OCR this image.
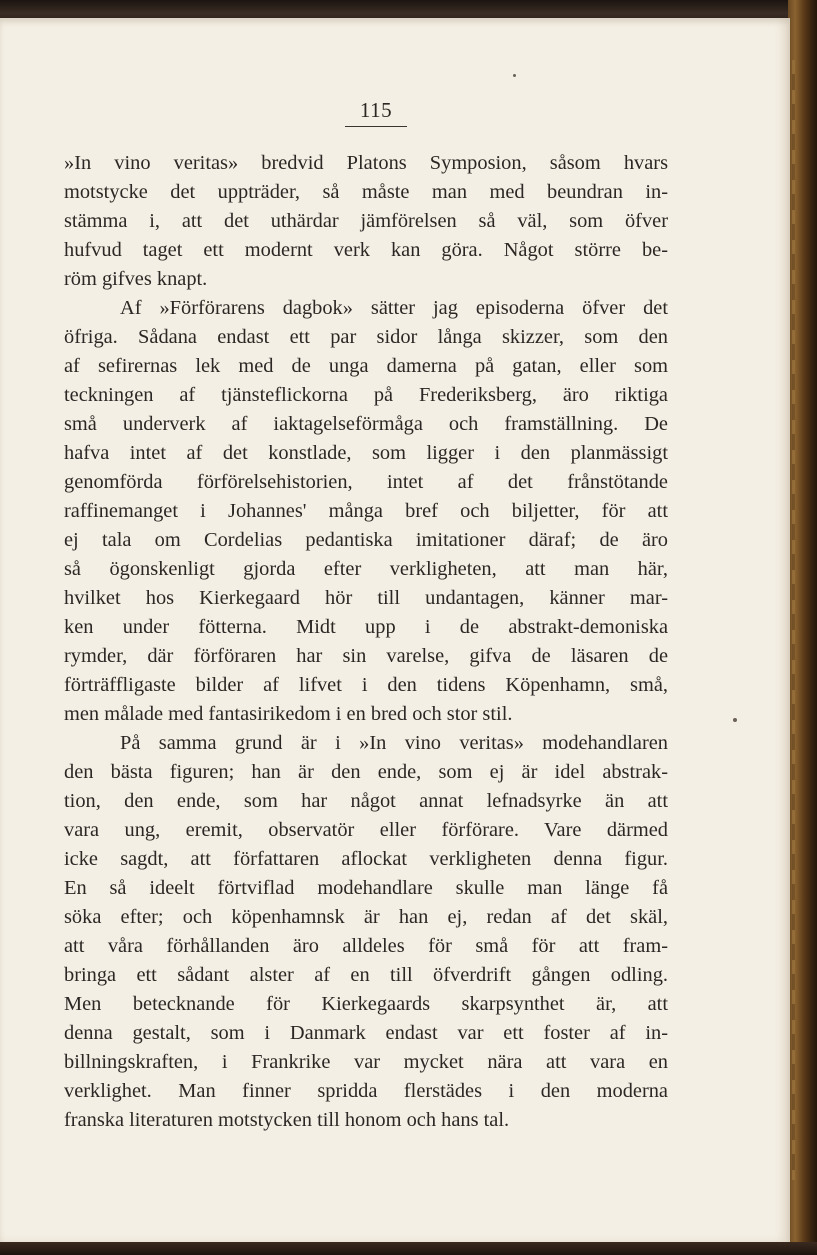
115
»In vino veritas» bredvid Platons Symposion, såsom hvars
motstycke det uppträder, så måste man med beundran in-
stämma i, att det uthärdar jämförelsen så väl, som öfver
hufvud taget ett modernt verk kan göra. Något större be-
röm gifves knapt.
Af »Förförarens dagbok» sätter jag episoderna öfver det
öfriga. Sådana endast ett par sidor långa skizzer, som den
af sefirernas lek med de unga damerna på gatan, eller som
teckningen af tjänsteflickorna på Frederiksberg, äro riktiga
små underverk af iaktagelseförmåga och framställning. De
hafva intet af det konstlade, som ligger i den planmässigt
genomförda förförelsehistorien, intet af det frånstötande
raffinemanget i Johannes' många bref och biljetter, för att
ej tala om Cordelias pedantiska imitationer däraf; de äro
så ögonskenligt gjorda efter verkligheten, att man här,
hvilket hos Kierkegaard hör till undantagen, känner mar-
ken under fötterna. Midt upp i de abstrakt-demoniska
rymder, där förföraren har sin varelse, gifva de läsaren de
förträffligaste bilder af lifvet i den tidens Köpenhamn, små,
men målade med fantasirikedom i en bred och stor stil.
På samma grund är i »In vino veritas» modehandlaren
den bästa figuren; han är den ende, som ej är idel abstrak-
tion, den ende, som har något annat lefnadsyrke än att
vara ung, eremit, observatör eller förförare. Vare därmed
icke sagdt, att författaren aflockat verkligheten denna figur.
En så ideelt förtviflad modehandlare skulle man länge få
söka efter; och köpenhamnsk är han ej, redan af det skäl,
att våra förhållanden äro alldeles för små för att fram-
bringa ett sådant alster af en till öfverdrift gången odling.
Men betecknande för Kierkegaards skarpsynthet är, att
denna gestalt, som i Danmark endast var ett foster af in-
billningskraften, i Frankrike var mycket nära att vara en
verklighet. Man finner spridda flerstädes i den moderna
franska literaturen motstycken till honom och hans tal.
